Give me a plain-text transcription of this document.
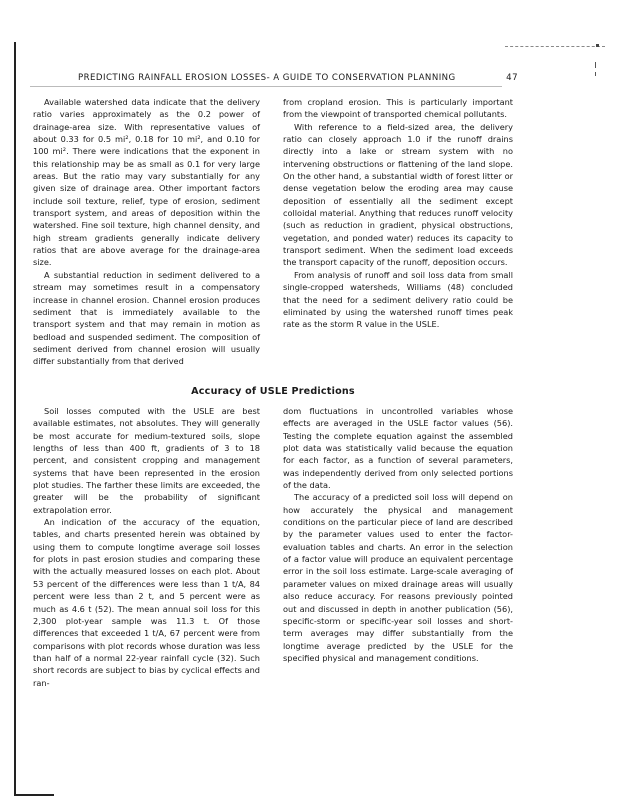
PREDICTING RAINFALL EROSION LOSSES- A GUIDE TO CONSERVATION PLANNING	47

Available watershed data indicate that the delivery ratio varies approximately as the 0.2 power of drainage-area size. With representative values of about 0.33 for 0.5 mi², 0.18 for 10 mi², and 0.10 for 100 mi². There were indications that the exponent in this relationship may be as small as 0.1 for very large areas. But the ratio may vary substantially for any given size of drainage area. Other important factors include soil texture, relief, type of erosion, sediment transport system, and areas of deposition within the watershed. Fine soil texture, high channel density, and high stream gradients generally indicate delivery ratios that are above average for the drainage-area size.

A substantial reduction in sediment delivered to a stream may sometimes result in a compensatory increase in channel erosion. Channel erosion produces sediment that is immediately available to the transport system and that may remain in motion as bedload and suspended sediment. The composition of sediment derived from channel erosion will usually differ substantially from that derived

from cropland erosion. This is particularly important from the viewpoint of transported chemical pollutants.

With reference to a field-sized area, the delivery ratio can closely approach 1.0 if the runoff drains directly into a lake or stream system with no intervening obstructions or flattening of the land slope. On the other hand, a substantial width of forest litter or dense vegetation below the eroding area may cause deposition of essentially all the sediment except colloidal material. Anything that reduces runoff velocity (such as reduction in gradient, physical obstructions, vegetation, and ponded water) reduces its capacity to transport sediment. When the sediment load exceeds the transport capacity of the runoff, deposition occurs.

From analysis of runoff and soil loss data from small single-cropped watersheds, Williams (48) concluded that the need for a sediment delivery ratio could be eliminated by using the watershed runoff times peak rate as the storm R value in the USLE.

Accuracy of USLE Predictions

Soil losses computed with the USLE are best available estimates, not absolutes. They will generally be most accurate for medium-textured soils, slope lengths of less than 400 ft, gradients of 3 to 18 percent, and consistent cropping and management systems that have been represented in the erosion plot studies. The farther these limits are exceeded, the greater will be the probability of significant extrapolation error.

An indication of the accuracy of the equation, tables, and charts presented herein was obtained by using them to compute longtime average soil losses for plots in past erosion studies and comparing these with the actually measured losses on each plot. About 53 percent of the differences were less than 1 t/A, 84 percent were less than 2 t, and 5 percent were as much as 4.6 t (52). The mean annual soil loss for this 2,300 plot-year sample was 11.3 t. Of those differences that exceeded 1 t/A, 67 percent were from comparisons with plot records whose duration was less than half of a normal 22-year rainfall cycle (32). Such short records are subject to bias by cyclical effects and ran-

dom fluctuations in uncontrolled variables whose effects are averaged in the USLE factor values (56). Testing the complete equation against the assembled plot data was statistically valid because the equation for each factor, as a function of several parameters, was independently derived from only selected portions of the data.

The accuracy of a predicted soil loss will depend on how accurately the physical and management conditions on the particular piece of land are described by the parameter values used to enter the factor-evaluation tables and charts. An error in the selection of a factor value will produce an equivalent percentage error in the soil loss estimate. Large-scale averaging of parameter values on mixed drainage areas will usually also reduce accuracy. For reasons previously pointed out and discussed in depth in another publication (56), specific-storm or specific-year soil losses and short-term averages may differ substantially from the longtime average predicted by the USLE for the specified physical and management conditions.
